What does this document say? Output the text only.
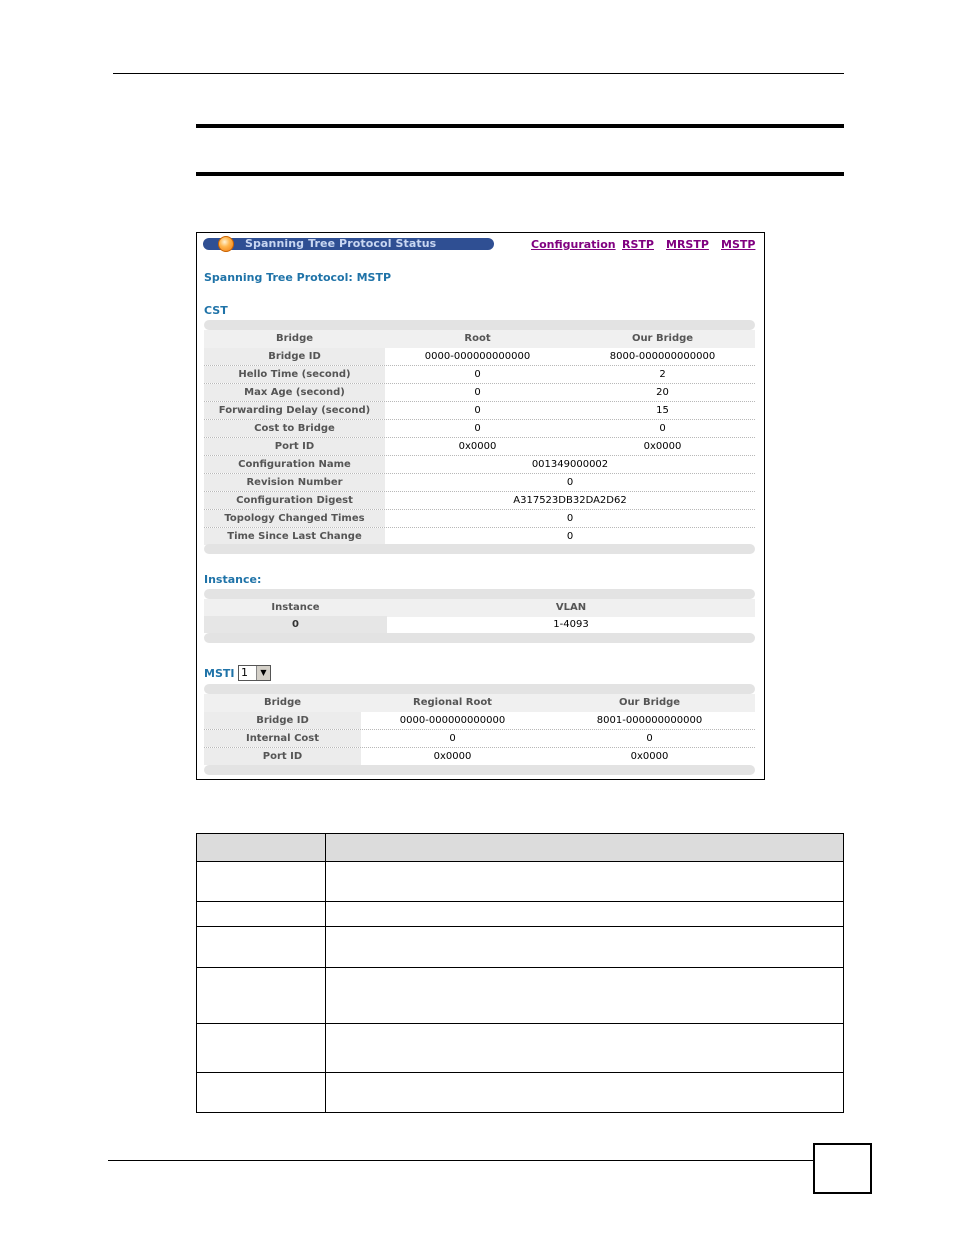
Spanning Tree Protocol Status	Configuration RSTP MRSTP MSTP
Spanning Tree Protocol: MSTP
CST
Bridge	Root	Our Bridge
Bridge ID	0000-000000000000	8000-000000000000
Hello Time (second)	0	2
Max Age (second)	0	20
Forwarding Delay (second)	0	15
Cost to Bridge	0	0
Port ID	0x0000	0x0000
Configuration Name	001349000002
Revision Number	0
Configuration Digest	A317523DB32DA2D62
Topology Changed Times	0
Time Since Last Change	0
Instance:
Instance	VLAN
0	1-4093
MSTI 1	▼
Bridge	Regional Root	Our Bridge
Bridge ID	0000-000000000000	8001-000000000000
Internal Cost	0	0
Port ID	0x0000	0x0000
